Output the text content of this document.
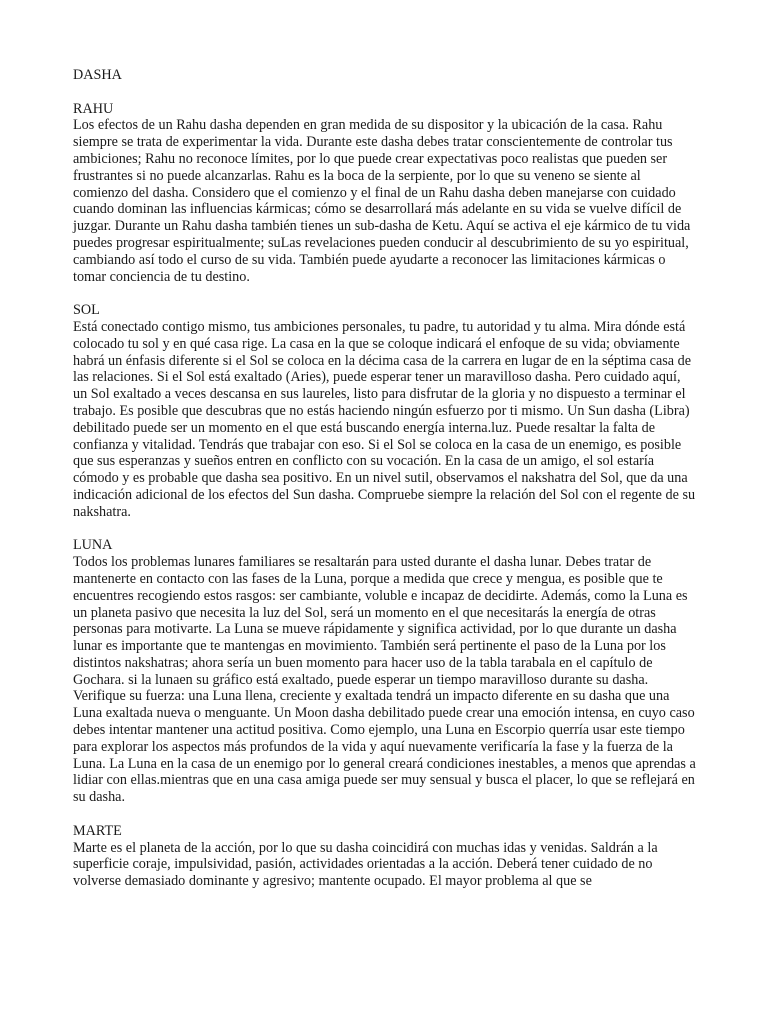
DASHA

RAHU

Los efectos de un Rahu dasha dependen en gran medida de su dispositor y la ubicación de la casa. Rahu siempre se trata de experimentar la vida. Durante este dasha debes tratar conscientemente de controlar tus ambiciones; Rahu no reconoce límites, por lo que puede crear expectativas poco realistas que pueden ser frustrantes si no puede alcanzarlas. Rahu es la boca de la serpiente, por lo que su veneno se siente al comienzo del dasha. Considero que el comienzo y el final de un Rahu dasha deben manejarse con cuidado cuando dominan las influencias kármicas; cómo se desarrollará más adelante en su vida se vuelve difícil de juzgar. Durante un Rahu dasha también tienes un sub-dasha de Ketu. Aquí se activa el eje kármico de tu vida puedes progresar espiritualmente; suLas revelaciones pueden conducir al descubrimiento de su yo espiritual, cambiando así todo el curso de su vida. También puede ayudarte a reconocer las limitaciones kármicas o tomar conciencia de tu destino.

SOL

Está conectado contigo mismo, tus ambiciones personales, tu padre, tu autoridad y tu alma. Mira dónde está colocado tu sol y en qué casa rige. La casa en la que se coloque indicará el enfoque de su vida; obviamente habrá un énfasis diferente si el Sol se coloca en la décima casa de la carrera en lugar de en la séptima casa de las relaciones. Si el Sol está exaltado (Aries), puede esperar tener un maravilloso dasha. Pero cuidado aquí, un Sol exaltado a veces descansa en sus laureles, listo para disfrutar de la gloria y no dispuesto a terminar el trabajo. Es posible que descubras que no estás haciendo ningún esfuerzo por ti mismo. Un Sun dasha (Libra) debilitado puede ser un momento en el que está buscando energía interna.luz. Puede resaltar la falta de confianza y vitalidad. Tendrás que trabajar con eso. Si el Sol se coloca en la casa de un enemigo, es posible que sus esperanzas y sueños entren en conflicto con su vocación. En la casa de un amigo, el sol estaría cómodo y es probable que dasha sea positivo. En un nivel sutil, observamos el nakshatra del Sol, que da una indicación adicional de los efectos del Sun dasha. Compruebe siempre la relación del Sol con el regente de su nakshatra.

LUNA

Todos los problemas lunares familiares se resaltarán para usted durante el dasha lunar. Debes tratar de mantenerte en contacto con las fases de la Luna, porque a medida que crece y mengua, es posible que te encuentres recogiendo estos rasgos: ser cambiante, voluble e incapaz de decidirte. Además, como la Luna es un planeta pasivo que necesita la luz del Sol, será un momento en el que necesitarás la energía de otras personas para motivarte. La Luna se mueve rápidamente y significa actividad, por lo que durante un dasha lunar es importante que te mantengas en movimiento. También será pertinente el paso de la Luna por los distintos nakshatras; ahora sería un buen momento para hacer uso de la tabla tarabala en el capítulo de Gochara. si la lunaen su gráfico está exaltado, puede esperar un tiempo maravilloso durante su dasha. Verifique su fuerza: una Luna llena, creciente y exaltada tendrá un impacto diferente en su dasha que una Luna exaltada nueva o menguante. Un Moon dasha debilitado puede crear una emoción intensa, en cuyo caso debes intentar mantener una actitud positiva. Como ejemplo, una Luna en Escorpio querría usar este tiempo para explorar los aspectos más profundos de la vida y aquí nuevamente verificaría la fase y la fuerza de la Luna. La Luna en la casa de un enemigo por lo general creará condiciones inestables, a menos que aprendas a lidiar con ellas.mientras que en una casa amiga puede ser muy sensual y busca el placer, lo que se reflejará en su dasha.

MARTE

Marte es el planeta de la acción, por lo que su dasha coincidirá con muchas idas y venidas. Saldrán a la superficie coraje, impulsividad, pasión, actividades orientadas a la acción. Deberá tener cuidado de no volverse demasiado dominante y agresivo; mantente ocupado. El mayor problema al que se
